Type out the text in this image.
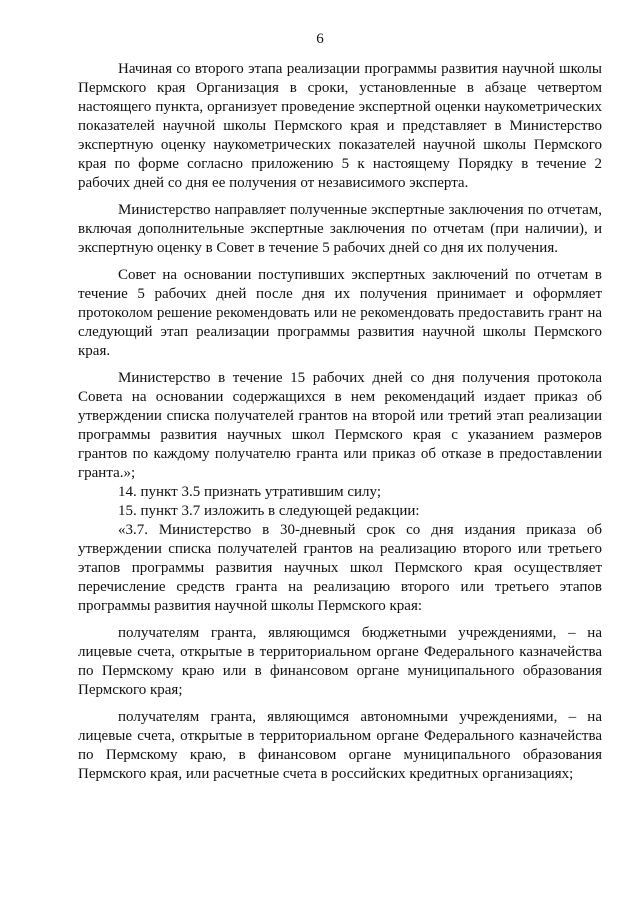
6

Начиная со второго этапа реализации программы развития научной школы Пермского края Организация в сроки, установленные в абзаце четвертом настоящего пункта, организует проведение экспертной оценки наукометрических показателей научной школы Пермского края и представляет в Министерство экспертную оценку наукометрических показателей научной школы Пермского края по форме согласно приложению 5 к настоящему Порядку в течение 2 рабочих дней со дня ее получения от независимого эксперта.

Министерство направляет полученные экспертные заключения по отчетам, включая дополнительные экспертные заключения по отчетам (при наличии), и экспертную оценку в Совет в течение 5 рабочих дней со дня их получения.

Совет на основании поступивших экспертных заключений по отчетам в течение 5 рабочих дней после дня их получения принимает и оформляет протоколом решение рекомендовать или не рекомендовать предоставить грант на следующий этап реализации программы развития научной школы Пермского края.

Министерство в течение 15 рабочих дней со дня получения протокола Совета на основании содержащихся в нем рекомендаций издает приказ об утверждении списка получателей грантов на второй или третий этап реализации программы развития научных школ Пермского края с указанием размеров грантов по каждому получателю гранта или приказ об отказе в предоставлении гранта.»;

14. пункт 3.5 признать утратившим силу;

15. пункт 3.7 изложить в следующей редакции:

«3.7. Министерство в 30-дневный срок со дня издания приказа об утверждении списка получателей грантов на реализацию второго или третьего этапов программы развития научных школ Пермского края осуществляет перечисление средств гранта на реализацию второго или третьего этапов программы развития научной школы Пермского края:

получателям гранта, являющимся бюджетными учреждениями, – на лицевые счета, открытые в территориальном органе Федерального казначейства по Пермскому краю или в финансовом органе муниципального образования Пермского края;

получателям гранта, являющимся автономными учреждениями, – на лицевые счета, открытые в территориальном органе Федерального казначейства по Пермскому краю, в финансовом органе муниципального образования Пермского края, или расчетные счета в российских кредитных организациях;
